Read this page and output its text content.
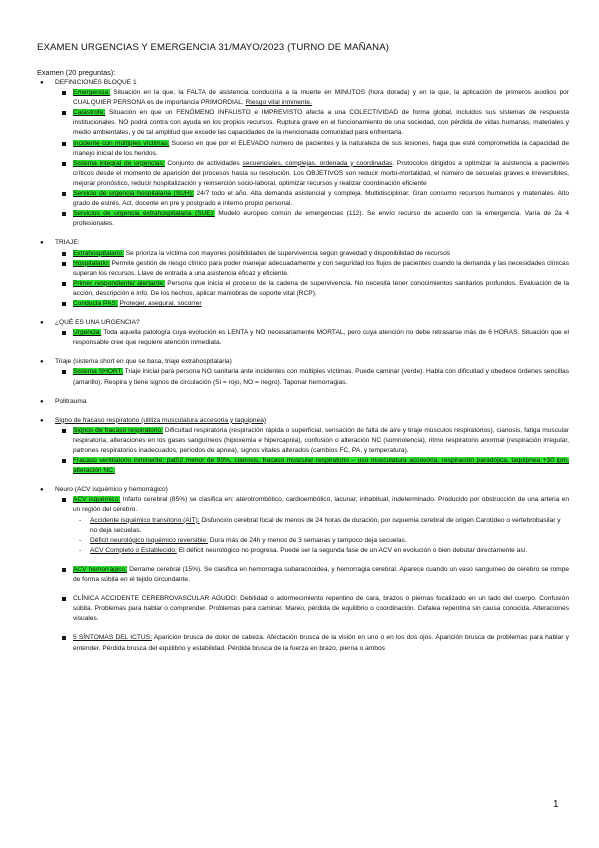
EXAMEN URGENCIAS Y EMERGENCIA 31/MAYO/2023 (TURNO DE MAÑANA)
Examen (20 preguntas):
● DEFINICIONES BLOQUE 1
Emergencia: Situación en la que, la FALTA de asistencia conduciría a la muerte en MINUTOS (hora dorada) y en la que, la aplicación de primeros auxilios por CUALQUIER PERSONA es de importancia PRIMORDIAL. Riesgo vital inminente.
Catástrofe: Situación en que un FENÓMENO INFAUSTO e IMPREVISTO afecta a una COLECTIVIDAD de forma global, incluidos sus sistemas de respuesta institucionales. NO podrá contra con ayuda en los propios recursos. Ruptura grave en el funcionamiento de una sociedad, con pérdida de vidas humanas, materiales y medio ambientales, y de tal amplitud que excede las capacidades de la mencionada comunidad para enfrentarla.
Incidente con múltiples víctimas: Suceso en que por el ELEVADO número de pacientes y la naturaleza de sus lesiones, haga que esté comprometida la capacidad de manejo inicial de los heridos.
Sistema integral de urgencias: Conjunto de actividades secuenciales, complejas, ordenada y coordinadas. Protocolos dirigidos a optimizar la asistencia a pacientes críticos desde el momento de aparición del procesos hasta su resolución. Los OBJETIVOS son reducir morbi-mortalidad, el número de secuelas graves e irreversibles, mejorar pronóstico, reducir hospitalización y reinserción socio-laboral, optimizar recursos y realizar coordinación eficiente
Servicio de urgencia hospitalaria (SUH): 24/7 todo el año. Alta demanda asistencial y compleja. Multidisciplinar. Gran consumo recursos humanos y materiales. Alto grado de estrés. Act. docente en pre y postgrado e interno propio personal.
Servicios de urgencia extrahospitalaria (SUE): Modelo europeo común de emergencias (112). Se envío recurso de acuerdo con la emergencia. Varía de 2a 4 profesionales.
● TRIAJE:
Extrahospitalario: Se prioriza la víctima con mayores posibilidades de supervivencia según gravedad y disponibilidad de recursos
Hospitalario: Permite gestión de riesgo clínico para poder manejar adecuadamente y con seguridad los flujos de pacientes cuando la demanda y las necesidades clínicas superan los recursos. Llave de entrada a una asistencia eficaz y eficiente.
Primer respondiente/ alertante: Persona que inicia el proceso de la cadena de supervivencia. No necesita tener conocimientos sanitarios profundos. Evaluación de la acción, descripción e info. De los hechos, aplicar maniobras de soporte vital (RCP).
Conducta PAS: Proteger, asegurar, socorrer
● ¿QUÉ ES UNA URGENCIA?
Urgencia: Toda aquella patología cuya evolución es LENTA y NO necesariamente MORTAL, pero cuya atención no debe retrasarse más de 6 HORAS. Situación que el responsable cree que requiere atención inmediata.
● Triaje (sistema short en que se basa, triaje extrahospitalaria)
Sistema SHORT: Triaje inicial para persona NO sanitaria ante incidentes con múltiples víctimas. Puede caminar (verde). Habla con dificultad y obedece órdenes sencillas (amarillo). Respira y tiene signos de circulación (Si = rojo, NO = negro). Taponar hemorragias.
● Politrauma
● Signo de fracaso respiratorio (utiliza musculatura accesoria y taquipnea)
Signos de fracaso respiratorio: Dificultad respiratoria (respiración rápida o superficial, sensación de falta de aire y tiraje músculos respiratorios), cianosis, fatiga muscular respiratoria, alteraciones en los gases sanguíneos (hipoxemia e hipercapnia), confusión o alteración NC (somnolencia), ritmo respiratorio anormal (respiración irregular, patrones respiratorios inadecuados, períodos de apnea), signos vitales alterados (cambios FC, PA, y temperatura).
Fracaso ventilatorio inminente: pat02 menor de 90%, cianosis, fracaso muscular respiratorio – uso musculatura accesoria, respiración paradójica, taquipnea +30 lpm, alteración NC.
● Neuro (ACV isquémico y hemorrágico)
ACV isquémico: Infarto cerebral (85%) se clasifica en: aterotrombótico, cardioembólico, lacunar, inhabitual, indeterminado. Producido por obstrucción de una arteria en un región del cerebro.
- Accidente isquémico transitorio (AIT): Disfunción cerebral focal de menos de 24 horas de duración, por isquemia cerebral de origen Carotídeo o vertebrobasilar y no deja secuelas.
- Déficit neurológico isquémico reversible: Dura más de 24h y menos de 3 semanas y tampoco deja secuelas.
- ACV Completo o Establecido: El déficit neurológico no progresa. Puede ser la segunda fase de un ACV en evolución o bien debutar directamente así.
ACV hemorrágico: Derrame cerebral (15%). Se clasifica en hemorragia subaracnoidea, y hemorragia cerebral. Aparece cuando un vaso sanguíneo de cerebro se rompe de forma súbita en el tejido circundante.
CLÍNICA ACCIDENTE CEREBROVASCULAR AGUDO: Debilidad o adormecimiento repentino de cara, brazos o piernas focalizado en un lado del cuerpo. Confusión súbita. Problemas para hablar o comprender. Problemas para caminar. Mareo, pérdida de equilibrio o coordinación. Cefalea repentina sin causa conocida. Alteraciones visuales.
5 SÍNTOMAS DEL ICTUS: Aparición brusca de dolor de cabeza. Afectación brusca de la visión en uno o en los dos ojos. Aparición brusca de problemas para hablar y entender. Pérdida brusca del equilibrio y estabilidad. Pérdida brusca de la fuerza en brazo, pierna o ambos
1
